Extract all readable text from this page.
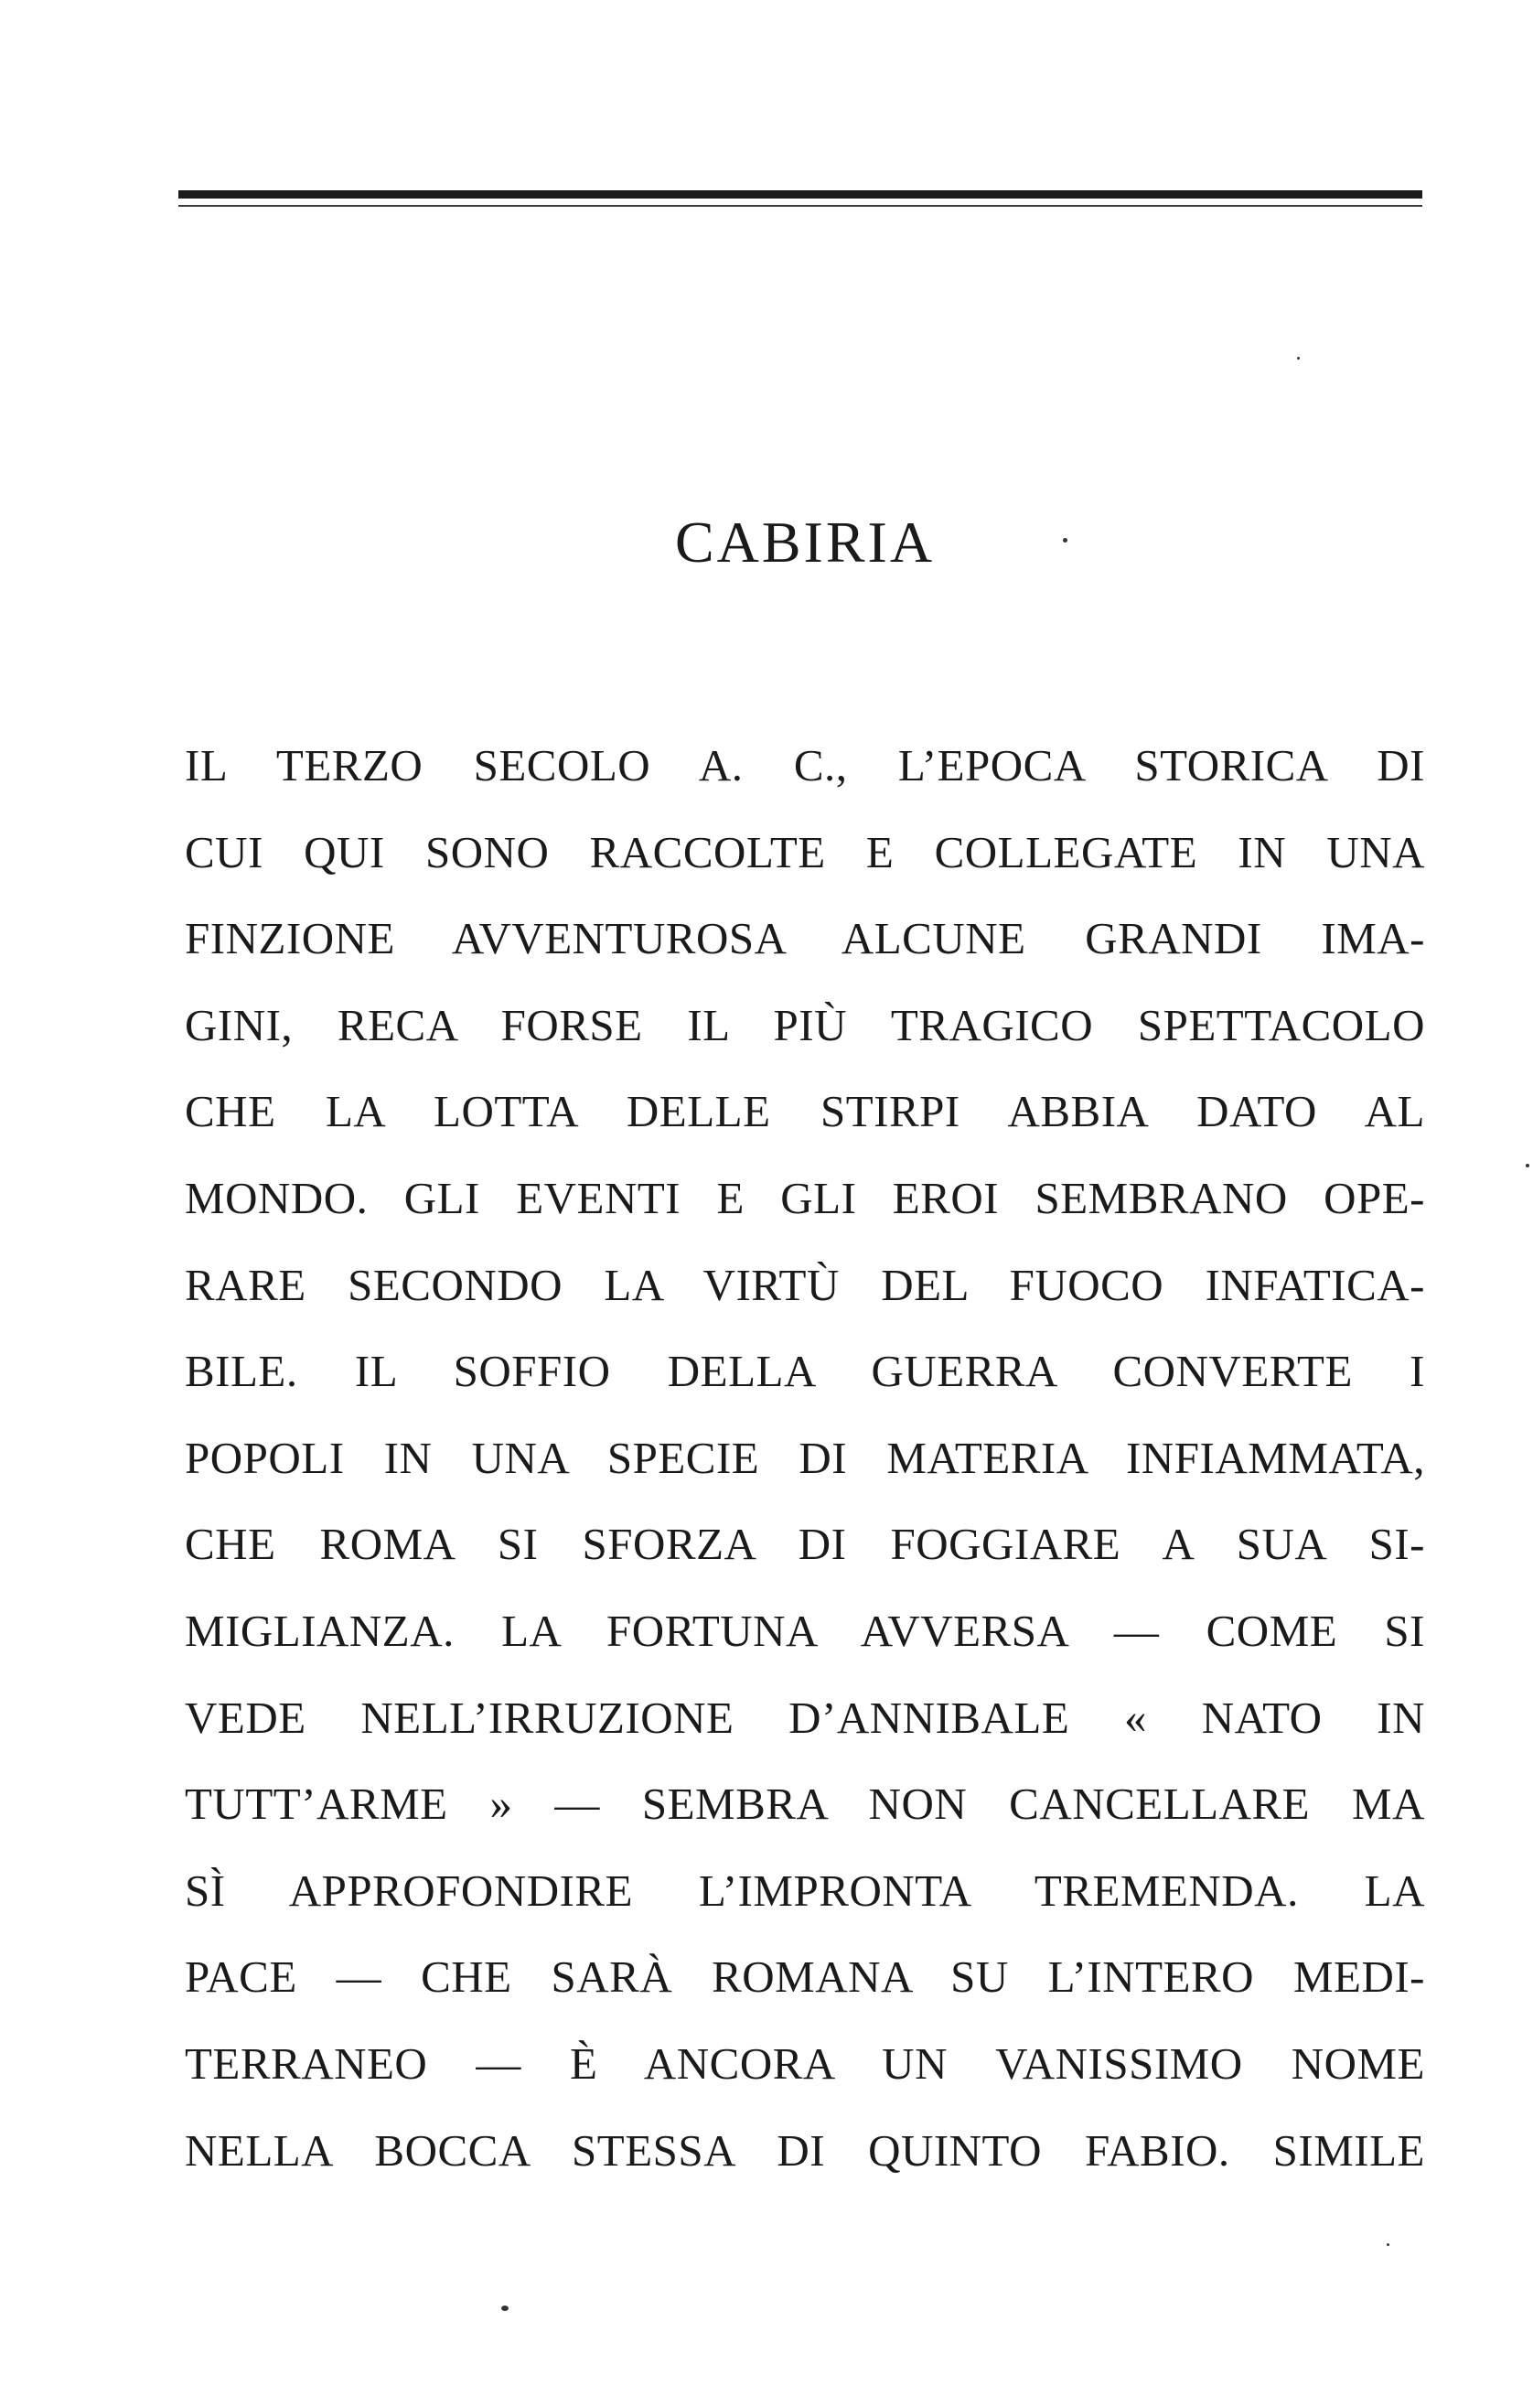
CABIRIA
IL TERZO SECOLO A. C., L’EPOCA STORICA DI
CUI QUI SONO RACCOLTE E COLLEGATE IN UNA
FINZIONE AVVENTUROSA ALCUNE GRANDI IMA-
GINI, RECA FORSE IL PIÙ TRAGICO SPETTACOLO
CHE LA LOTTA DELLE STIRPI ABBIA DATO AL
MONDO. GLI EVENTI E GLI EROI SEMBRANO OPE-
RARE SECONDO LA VIRTÙ DEL FUOCO INFATICA-
BILE. IL SOFFIO DELLA GUERRA CONVERTE I
POPOLI IN UNA SPECIE DI MATERIA INFIAMMATA,
CHE ROMA SI SFORZA DI FOGGIARE A SUA SI-
MIGLIANZA. LA FORTUNA AVVERSA — COME SI
VEDE NELL’IRRUZIONE D’ANNIBALE « NATO IN
TUTT’ARME » — SEMBRA NON CANCELLARE MA
SÌ APPROFONDIRE L’IMPRONTA TREMENDA. LA
PACE — CHE SARÀ ROMANA SU L’INTERO MEDI-
TERRANEO — È ANCORA UN VANISSIMO NOME
NELLA BOCCA STESSA DI QUINTO FABIO. SIMILE
